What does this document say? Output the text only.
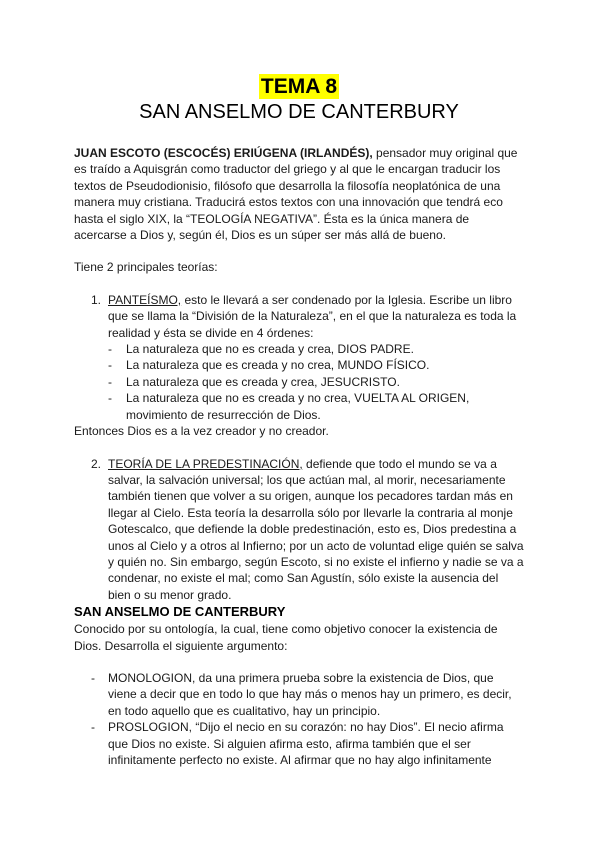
TEMA 8
SAN ANSELMO DE CANTERBURY

JUAN ESCOTO (ESCOCÉS) ERIÚGENA (IRLANDÉS), pensador muy original que es traído a Aquisgrán como traductor del griego y al que le encargan traducir los textos de Pseudodionisio, filósofo que desarrolla la filosofía neoplatónica de una manera muy cristiana. Traducirá estos textos con una innovación que tendrá eco hasta el siglo XIX, la “TEOLOGÍA NEGATIVA”. Ésta es la única manera de acercarse a Dios y, según él, Dios es un súper ser más allá de bueno.

Tiene 2 principales teorías:

1. PANTEÍSMO, esto le llevará a ser condenado por la Iglesia. Escribe un libro que se llama la “División de la Naturaleza”, en el que la naturaleza es toda la realidad y ésta se divide en 4 órdenes:
- La naturaleza que no es creada y crea, DIOS PADRE.
- La naturaleza que es creada y no crea, MUNDO FÍSICO.
- La naturaleza que es creada y crea, JESUCRISTO.
- La naturaleza que no es creada y no crea, VUELTA AL ORIGEN, movimiento de resurrección de Dios.

Entonces Dios es a la vez creador y no creador.

2. TEORÍA DE LA PREDESTINACIÓN, defiende que todo el mundo se va a salvar, la salvación universal; los que actúan mal, al morir, necesariamente también tienen que volver a su origen, aunque los pecadores tardan más en llegar al Cielo. Esta teoría la desarrolla sólo por llevarle la contraria al monje Gotescalco, que defiende la doble predestinación, esto es, Dios predestina a unos al Cielo y a otros al Infierno; por un acto de voluntad elige quién se salva y quién no. Sin embargo, según Escoto, si no existe el infierno y nadie se va a condenar, no existe el mal; como San Agustín, sólo existe la ausencia del bien o su menor grado.
SAN ANSELMO DE CANTERBURY

Conocido por su ontología, la cual, tiene como objetivo conocer la existencia de Dios. Desarrolla el siguiente argumento:

- MONOLOGION, da una primera prueba sobre la existencia de Dios, que viene a decir que en todo lo que hay más o menos hay un primero, es decir, en todo aquello que es cualitativo, hay un principio.
- PROSLOGION, “Dijo el necio en su corazón: no hay Dios”. El necio afirma que Dios no existe. Si alguien afirma esto, afirma también que el ser infinitamente perfecto no existe. Al afirmar que no hay algo infinitamente
